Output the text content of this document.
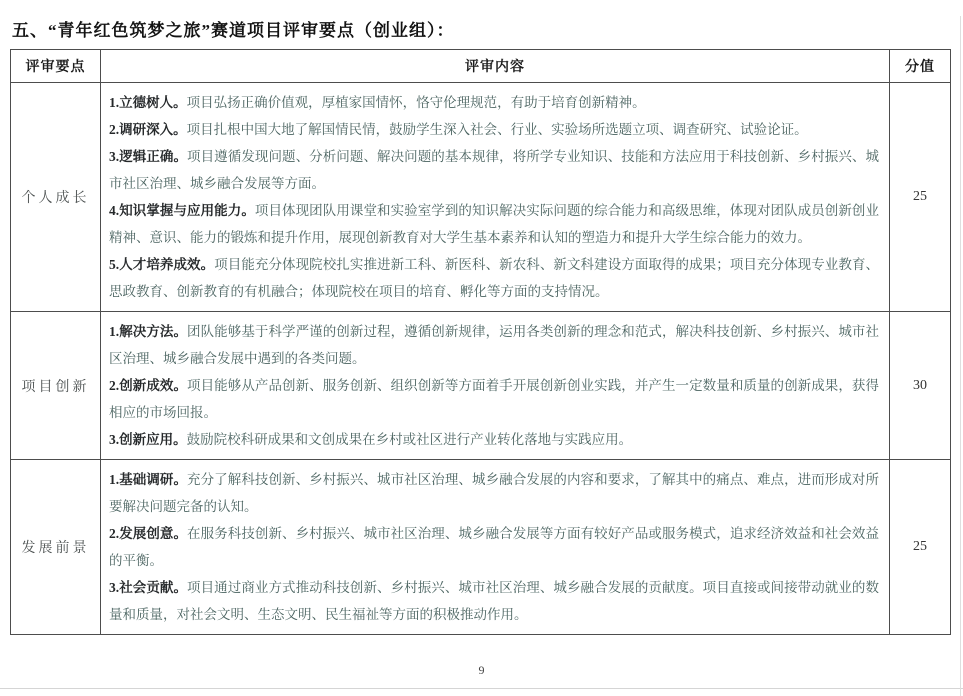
五、“青年红色筑梦之旅”赛道项目评审要点（创业组）：
评审要点	评审内容	分值
个人成长	1.立德树人。项目弘扬正确价值观，厚植家国情怀，恪守伦理规范，有助于培育创新精神。
2.调研深入。项目扎根中国大地了解国情民情，鼓励学生深入社会、行业、实验场所选题立项、调查研究、试验论证。
3.逻辑正确。项目遵循发现问题、分析问题、解决问题的基本规律，将所学专业知识、技能和方法应用于科技创新、乡村振兴、城市社区治理、城乡融合发展等方面。
4.知识掌握与应用能力。项目体现团队用课堂和实验室学到的知识解决实际问题的综合能力和高级思维，体现对团队成员创新创业精神、意识、能力的锻炼和提升作用，展现创新教育对大学生基本素养和认知的塑造力和提升大学生综合能力的效力。
5.人才培养成效。项目能充分体现院校扎实推进新工科、新医科、新农科、新文科建设方面取得的成果；项目充分体现专业教育、思政教育、创新教育的有机融合；体现院校在项目的培育、孵化等方面的支持情况。	25
项目创新	1.解决方法。团队能够基于科学严谨的创新过程，遵循创新规律，运用各类创新的理念和范式，解决科技创新、乡村振兴、城市社区治理、城乡融合发展中遇到的各类问题。
2.创新成效。项目能够从产品创新、服务创新、组织创新等方面着手开展创新创业实践，并产生一定数量和质量的创新成果，获得相应的市场回报。
3.创新应用。鼓励院校科研成果和文创成果在乡村或社区进行产业转化落地与实践应用。	30
发展前景	1.基础调研。充分了解科技创新、乡村振兴、城市社区治理、城乡融合发展的内容和要求，了解其中的痛点、难点，进而形成对所要解决问题完备的认知。
2.发展创意。在服务科技创新、乡村振兴、城市社区治理、城乡融合发展等方面有较好产品或服务模式，追求经济效益和社会效益的平衡。
3.社会贡献。项目通过商业方式推动科技创新、乡村振兴、城市社区治理、城乡融合发展的贡献度。项目直接或间接带动就业的数量和质量，对社会文明、生态文明、民生福祉等方面的积极推动作用。	25
9
